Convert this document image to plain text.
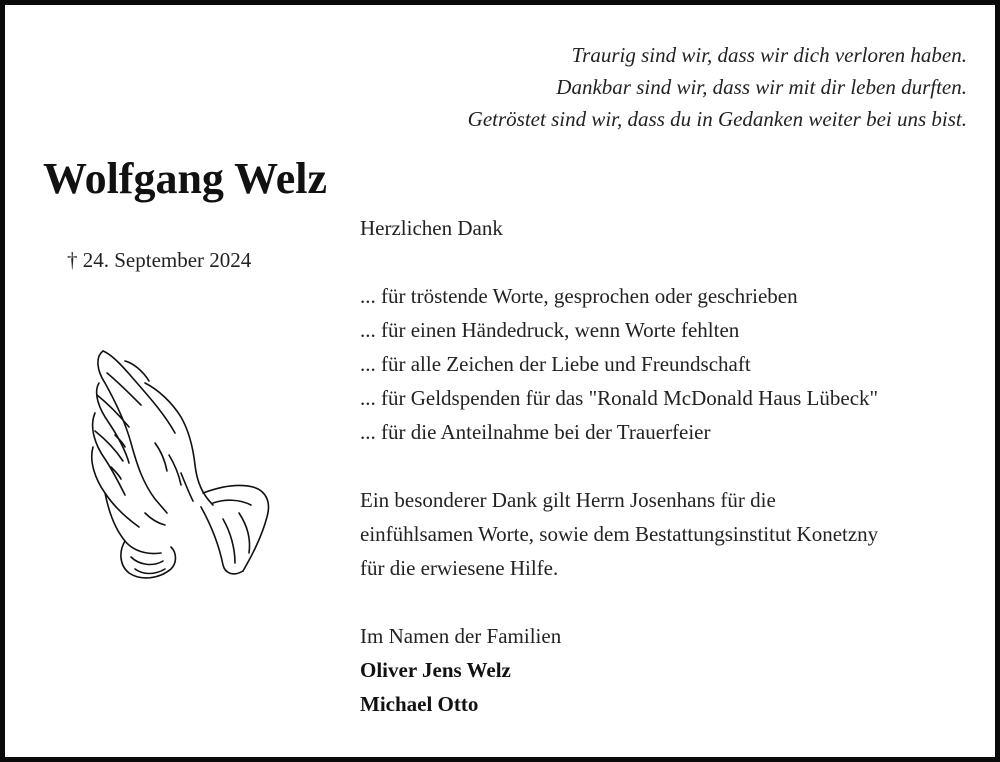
Traurig sind wir, dass wir dich verloren haben.
Dankbar sind wir, dass wir mit dir leben durften.
Getröstet sind wir, dass du in Gedanken weiter bei uns bist.
Wolfgang Welz
† 24. September 2024

Herzlichen Dank

... für tröstende Worte, gesprochen oder geschrieben

... für einen Händedruck, wenn Worte fehlten

... für alle Zeichen der Liebe und Freundschaft

... für Geldspenden für das "Ronald McDonald Haus Lübeck"

... für die Anteilnahme bei der Trauerfeier

Ein besonderer Dank gilt Herrn Josenhans für die

einfühlsamen Worte, sowie dem Bestattungsinstitut Konetzny

für die erwiesene Hilfe.

Im Namen der Familien

Oliver Jens Welz

Michael Otto
